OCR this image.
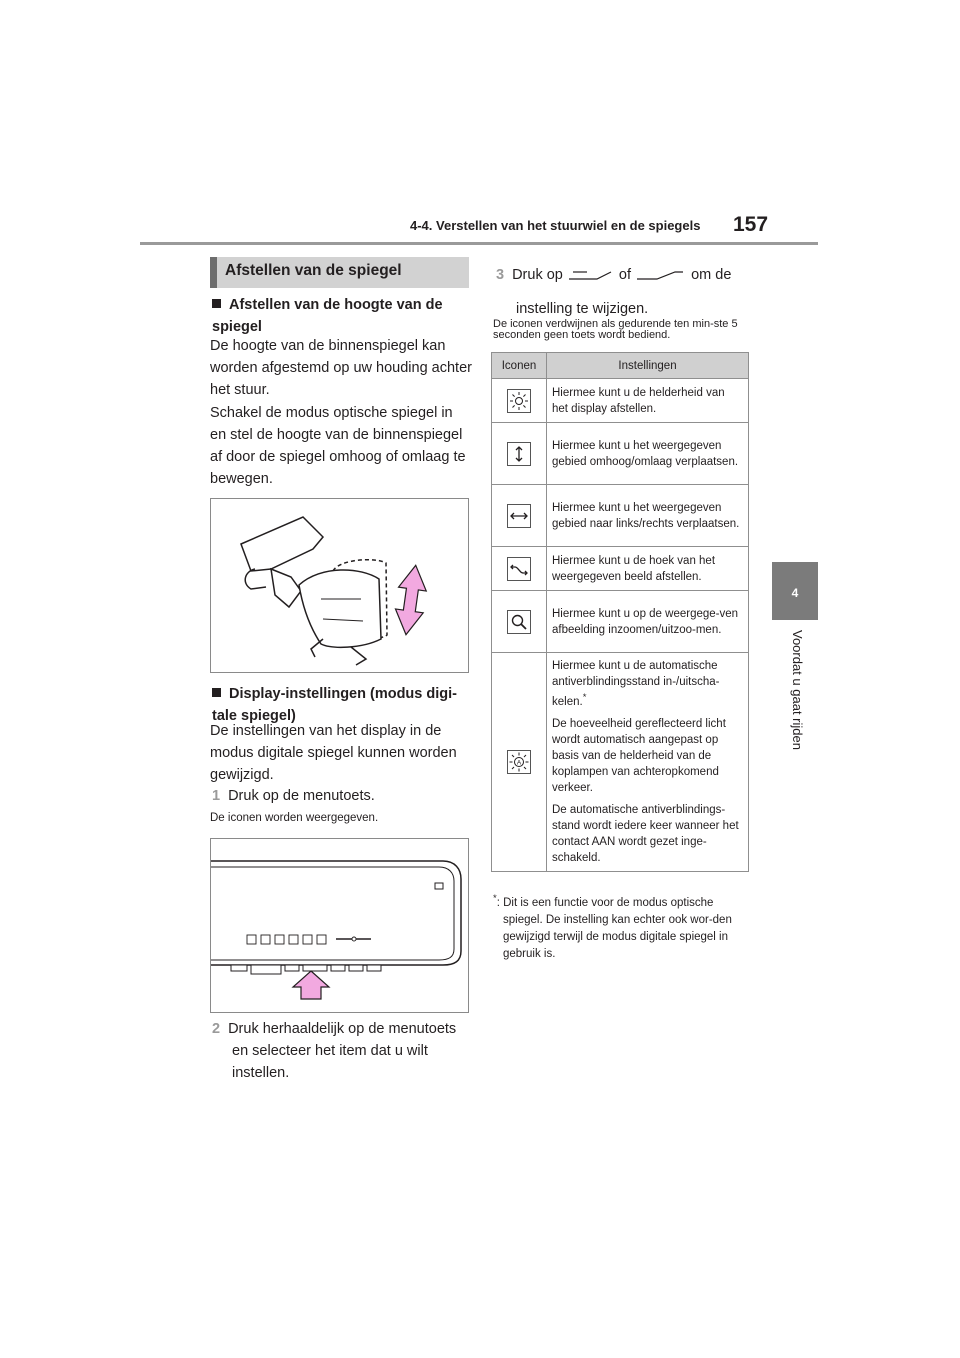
4-4. Verstellen van het stuurwiel en de spiegels 157
4
Voordat u gaat rijden
Afstellen van de spiegel
Afstellen van de hoogte van de spiegel
De hoogte van de binnenspiegel kan worden afgestemd op uw houding achter het stuur.
Schakel de modus optische spiegel in en stel de hoogte van de binnenspiegel af door de spiegel omhoog of omlaag te bewegen.
Display-instellingen (modus digi-tale spiegel)
De instellingen van het display in de modus digitale spiegel kunnen worden gewijzigd.
1 Druk op de menutoets.
De iconen worden weergegeven.
2 Druk herhaaldelijk op de menutoets en selecteer het item dat u wilt instellen.
3 Druk op	of	om de
instelling te wijzigen.
De iconen verdwijnen als gedurende ten min-ste 5 seconden geen toets wordt bediend.
Iconen	Instellingen

	Hiermee kunt u de helderheid van het display afstellen.

	Hiermee kunt u het weergegeven gebied omhoog/omlaag verplaatsen.

	Hiermee kunt u het weergegeven gebied naar links/rechts verplaatsen.

	Hiermee kunt u de hoek van het weergegeven beeld afstellen.

	Hiermee kunt u op de weergege-ven afbeelding inzoomen/uitzoo-men.

A	Hiermee kunt u de automatische antiverblindingsstand in-/uitscha-kelen.*
De hoeveelheid gereflecteerd licht wordt automatisch aangepast op basis van de helderheid van de koplampen van achteropkomend verkeer.
De automatische antiverblindings-stand wordt iedere keer wanneer het contact AAN wordt gezet inge-schakeld.
*: Dit is een functie voor de modus optische spiegel. De instelling kan echter ook wor-den gewijzigd terwijl de modus digitale spiegel in gebruik is.
